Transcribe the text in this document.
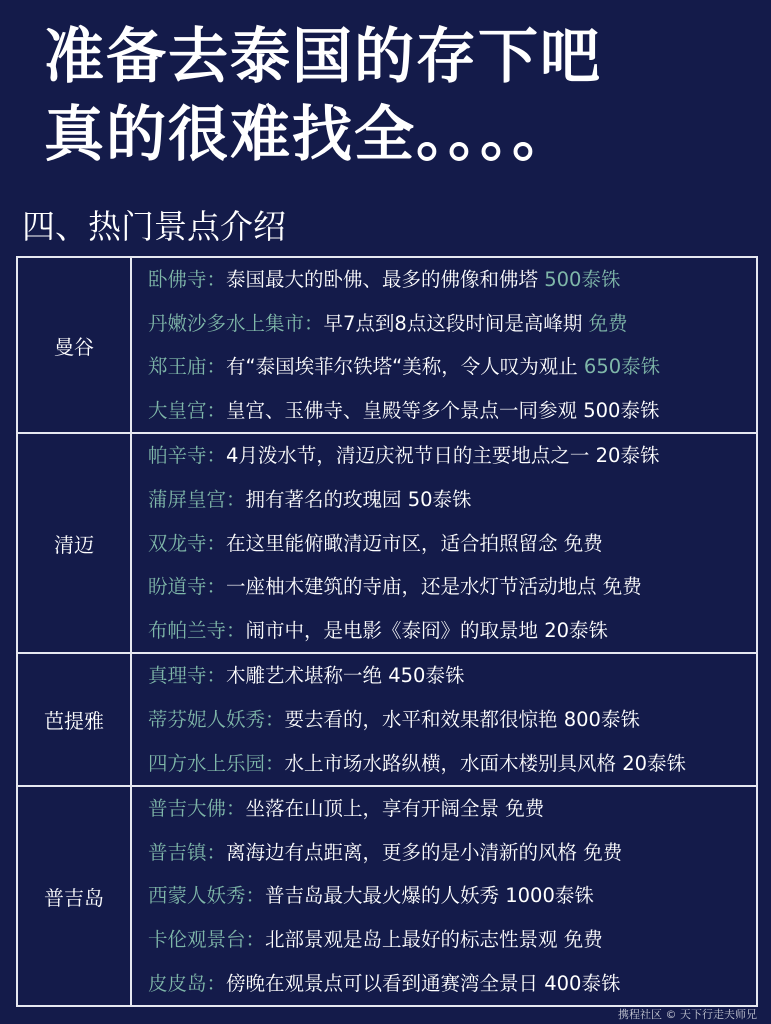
准备去泰国的存下吧
真的很难找全。。。。
四、热门景点介绍
曼谷	卧佛寺：泰国最大的卧佛、最多的佛像和佛塔 500泰铢
丹嫩沙多水上集市：早7点到8点这段时间是高峰期 免费
郑王庙：有“泰国埃菲尔铁塔“美称，令人叹为观止 650泰铢
大皇宫：皇宫、玉佛寺、皇殿等多个景点一同参观 500泰铢

清迈	帕辛寺：4月泼水节，清迈庆祝节日的主要地点之一 20泰铢
蒲屏皇宫：拥有著名的玫瑰园 50泰铢
双龙寺：在这里能俯瞰清迈市区，适合拍照留念 免费
盼道寺：一座柚木建筑的寺庙，还是水灯节活动地点 免费
布帕兰寺：闹市中，是电影《泰冏》的取景地 20泰铢

芭提雅	真理寺：木雕艺术堪称一绝 450泰铢
蒂芬妮人妖秀：要去看的，水平和效果都很惊艳 800泰铢
四方水上乐园：水上市场水路纵横，水面木楼别具风格 20泰铢

普吉岛	普吉大佛：坐落在山顶上，享有开阔全景 免费
普吉镇：离海边有点距离，更多的是小清新的风格 免费
西蒙人妖秀：普吉岛最大最火爆的人妖秀 1000泰铢
卡伦观景台：北部景观是岛上最好的标志性景观 免费
皮皮岛：傍晚在观景点可以看到通赛湾全景日 400泰铢
携程社区 © 天下行走夫师兄
